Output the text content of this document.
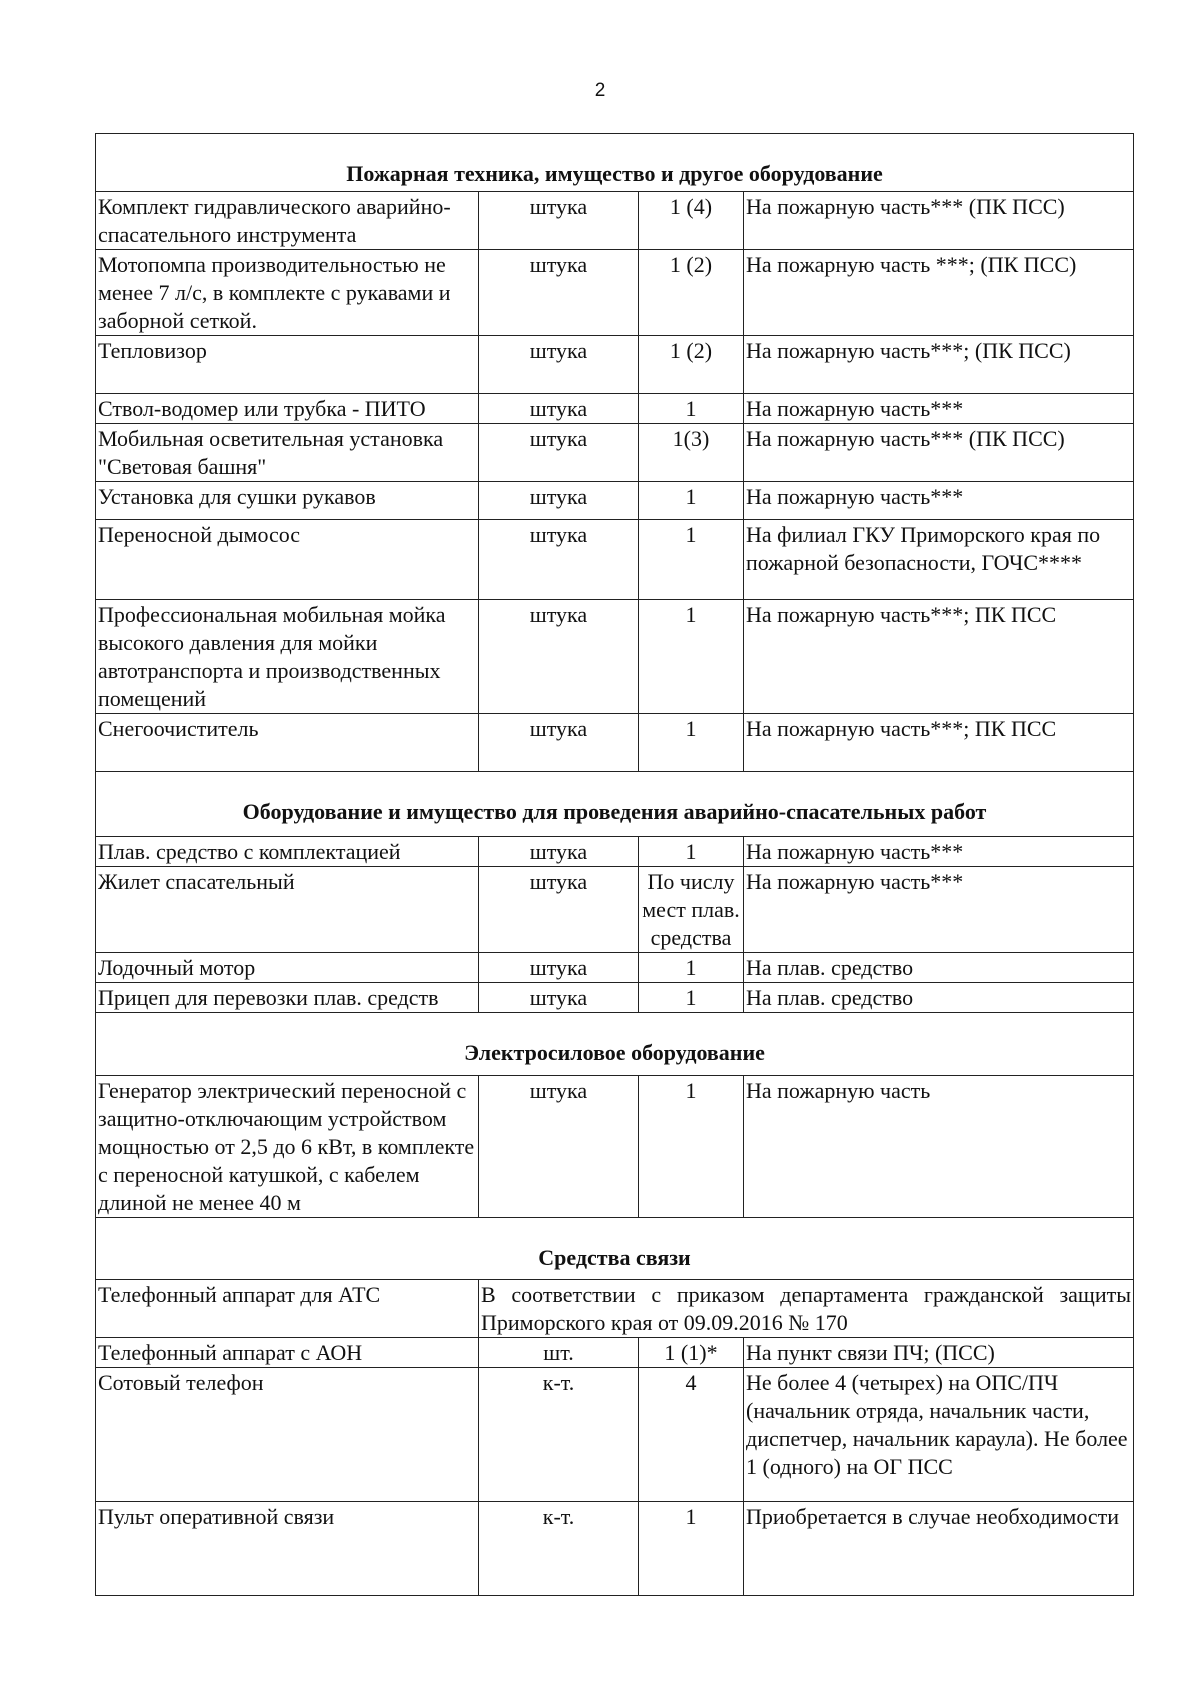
2
Пожарная техника, имущество и другое оборудование			
Комплект гидравлического аварийно-спасательного инструмента	штука	1 (4)	На пожарную часть*** (ПК ПСС)
Мотопомпа производительностью не менее 7 л/с, в комплекте с рукавами и заборной сеткой.	штука	1 (2)	На пожарную часть ***; (ПК ПСС)
Тепловизор	штука	1 (2)	На пожарную часть***; (ПК ПСС)
Ствол-водомер или трубка - ПИТО	штука	1	На пожарную часть***
Мобильная осветительная установка "Световая башня"	штука	1(3)	На пожарную часть*** (ПК ПСС)
Установка для сушки рукавов	штука	1	На пожарную часть***
Переносной дымосос	штука	1	На филиал ГКУ Приморского края по пожарной безопасности, ГОЧС****
Профессиональная мобильная мойка высокого давления для мойки автотранспорта и производственных помещений	штука	1	На пожарную часть***; ПК ПСС
Снегоочиститель	штука	1	На пожарную часть***; ПК ПСС
Оборудование и имущество для проведения аварийно-спасательных работ			
Плав. средство с комплектацией	штука	1	На пожарную часть***
Жилет спасательный	штука	По числу мест плав. средства	На пожарную часть***
Лодочный мотор	штука	1	На плав. средство
Прицеп для перевозки плав. средств	штука	1	На плав. средство
Электросиловое оборудование			
Генератор электрический переносной с защитно-отключающим устройством мощностью от 2,5 до 6 кВт, в комплекте с переносной катушкой, с кабелем длиной не менее 40 м	штука	1	На пожарную часть
Средства связи			
Телефонный аппарат для АТС	В соответствии с приказом департамента гражданской защиты Приморского края от 09.09.2016 № 170		
Телефонный аппарат с АОН	шт.	1 (1)*	На пункт связи ПЧ; (ПСС)
Сотовый телефон	к-т.	4	Не более 4 (четырех) на ОПС/ПЧ (начальник отряда, начальник части, диспетчер, начальник караула). Не более 1 (одного) на ОГ ПСС
Пульт оперативной связи	к-т.	1	Приобретается в случае необходимости
